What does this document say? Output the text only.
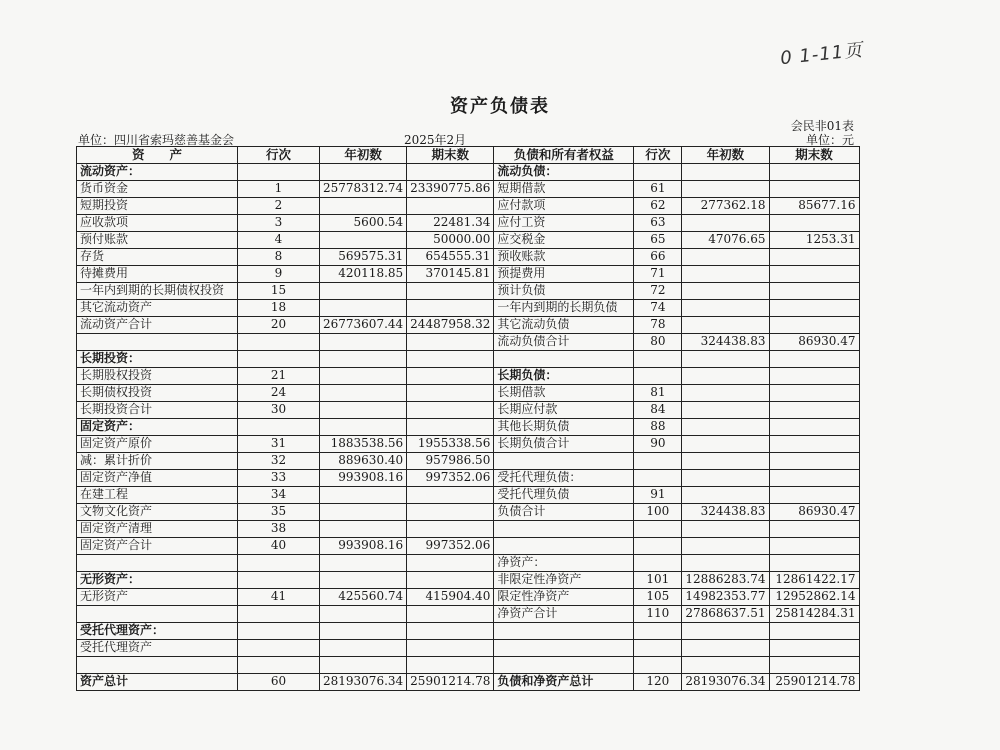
0 1-11页
资产负债表
会民非01表
单位：四川省索玛慈善基金会	2025年2月	单位：元
资　　产	行次	年初数	期末数	负债和所有者权益	行次	年初数	期末数
流动资产：				流动负债：			
货币资金	1	25778312.74	23390775.86	短期借款	61		
短期投资	2			应付款项	62	277362.18	85677.16
应收款项	3	5600.54	22481.34	应付工资	63		
预付账款	4		50000.00	应交税金	65	47076.65	1253.31
存货	8	569575.31	654555.31	预收账款	66		
待摊费用	9	420118.85	370145.81	预提费用	71		
一年内到期的长期债权投资	15			预计负债	72		
其它流动资产	18			一年内到期的长期负债	74		
流动资产合计	20	26773607.44	24487958.32	其它流动负债	78		
				流动负债合计	80	324438.83	86930.47
长期投资：							
长期股权投资	21			长期负债：			
长期债权投资	24			长期借款	81		
长期投资合计	30			长期应付款	84		
固定资产：				其他长期负债	88		
固定资产原价	31	1883538.56	1955338.56	长期负债合计	90		
减：累计折价	32	889630.40	957986.50				
固定资产净值	33	993908.16	997352.06	受托代理负债：			
在建工程	34			受托代理负债	91		
文物文化资产	35			负债合计	100	324438.83	86930.47
固定资产清理	38						
固定资产合计	40	993908.16	997352.06				
				净资产：			
无形资产：				非限定性净资产	101	12886283.74	12861422.17
无形资产	41	425560.74	415904.40	限定性净资产	105	14982353.77	12952862.14
				净资产合计	110	27868637.51	25814284.31
受托代理资产：							
受托代理资产							

资产总计	60	28193076.34	25901214.78	负债和净资产总计	120	28193076.34	25901214.78
